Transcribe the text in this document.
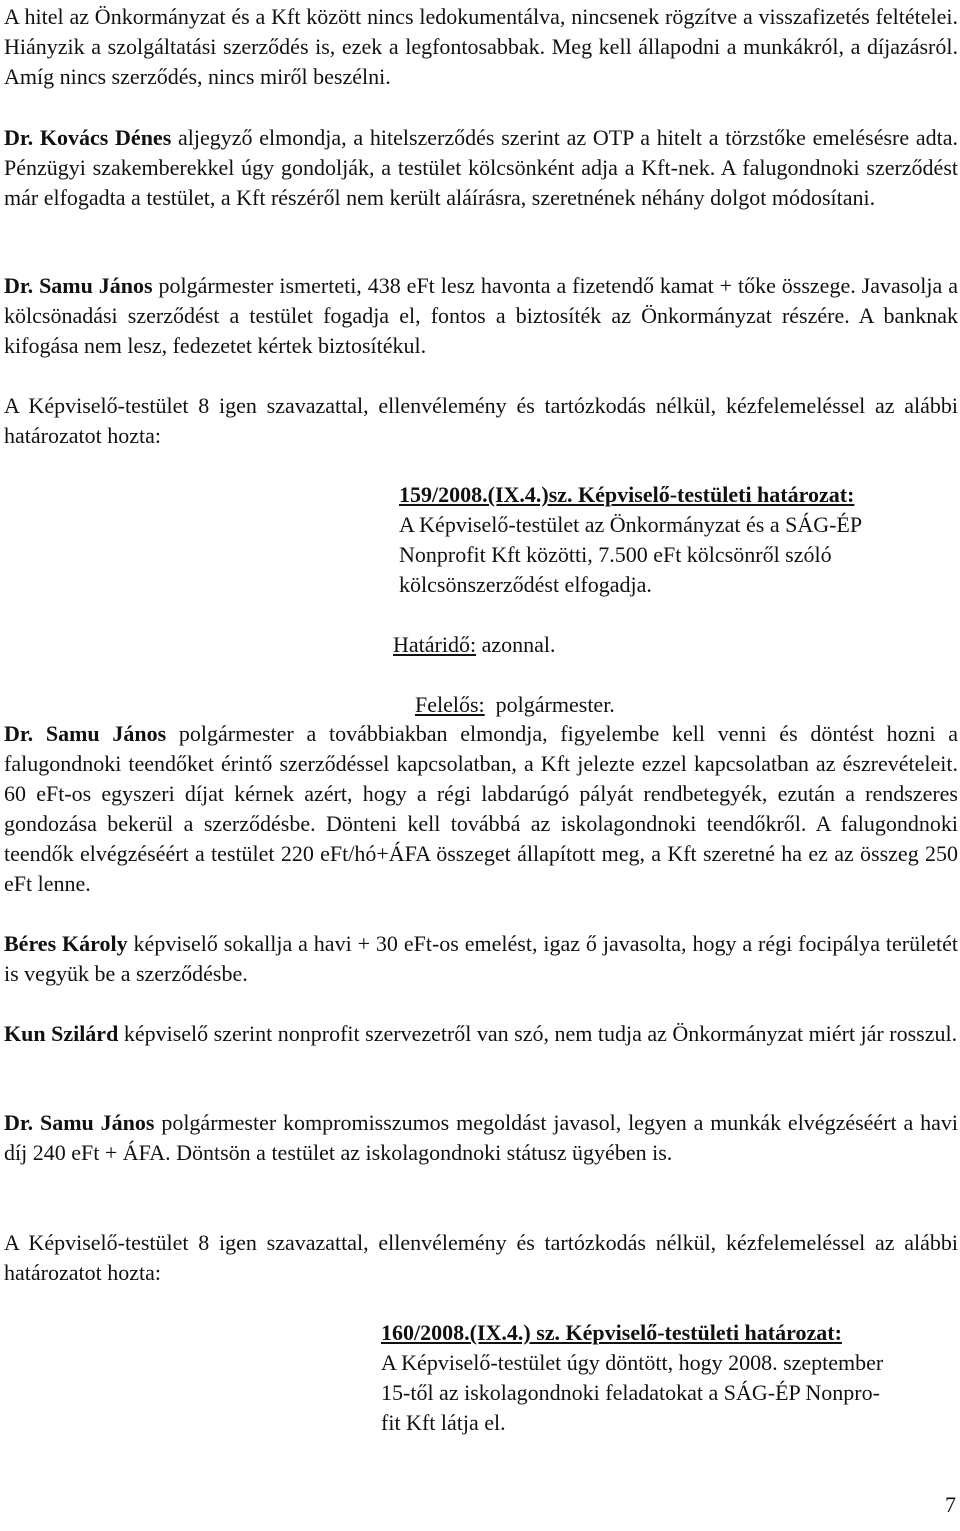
A hitel az Önkormányzat és a Kft között nincs ledokumentálva, nincsenek rögzítve a visszafizetés feltételei. Hiányzik a szolgáltatási szerződés is, ezek a legfontosabbak. Meg kell állapodni a munkákról, a díjazásról. Amíg nincs szerződés, nincs miről beszélni.

Dr. Kovács Dénes aljegyző elmondja, a hitelszerződés szerint az OTP a hitelt a törzstőke emelésésre adta. Pénzügyi szakemberekkel úgy gondolják, a testület kölcsönként adja a Kft-nek. A falugondnoki szerződést már elfogadta a testület, a Kft részéről nem került aláírásra, szeretnének néhány dolgot módosítani.

Dr. Samu János polgármester ismerteti, 438 eFt lesz havonta a fizetendő kamat + tőke összege. Javasolja a kölcsönadási szerződést a testület fogadja el, fontos a biztosíték az Önkormányzat részére. A banknak kifogása nem lesz, fedezetet kértek biztosítékul.

A Képviselő-testület 8 igen szavazattal, ellenvélemény és tartózkodás nélkül, kézfelemeléssel az alábbi határozatot hozta:

159/2008.(IX.4.)sz. Képviselő-testületi határozat:
A Képviselő-testület az Önkormányzat és a SÁG-ÉP
Nonprofit Kft közötti, 7.500 eFt kölcsönről szóló
kölcsönszerződést elfogadja.
Határidő: azonnal.

Felelős:  polgármester.

Dr. Samu János polgármester a továbbiakban elmondja, figyelembe kell venni és döntést hozni a falugondnoki teendőket érintő szerződéssel kapcsolatban, a Kft jelezte ezzel kapcsolatban az észrevételeit. 60 eFt-os egyszeri díjat kérnek azért, hogy a régi labdarúgó pályát rendbetegyék, ezután a rendszeres gondozása bekerül a szerződésbe. Dönteni kell továbbá az iskolagondnoki teendőkről. A falugondnoki teendők elvégzéséért a testület 220 eFt/hó+ÁFA összeget állapított meg, a Kft szeretné ha ez az összeg 250 eFt lenne.

Béres Károly képviselő sokallja a havi + 30 eFt-os emelést, igaz ő javasolta, hogy a régi focipálya területét is vegyük be a szerződésbe.

Kun Szilárd képviselő szerint nonprofit szervezetről van szó, nem tudja az Önkormányzat miért jár rosszul.

Dr. Samu János polgármester kompromisszumos megoldást javasol, legyen a munkák elvégzéséért a havi díj 240 eFt + ÁFA. Döntsön a testület az iskolagondnoki státusz ügyében is.

A Képviselő-testület 8 igen szavazattal, ellenvélemény és tartózkodás nélkül, kézfelemeléssel az alábbi határozatot hozta:

160/2008.(IX.4.) sz. Képviselő-testületi határozat:
A Képviselő-testület úgy döntött, hogy 2008. szeptember
15-től az iskolagondnoki feladatokat a SÁG-ÉP Nonpro-
fit Kft látja el.
7
